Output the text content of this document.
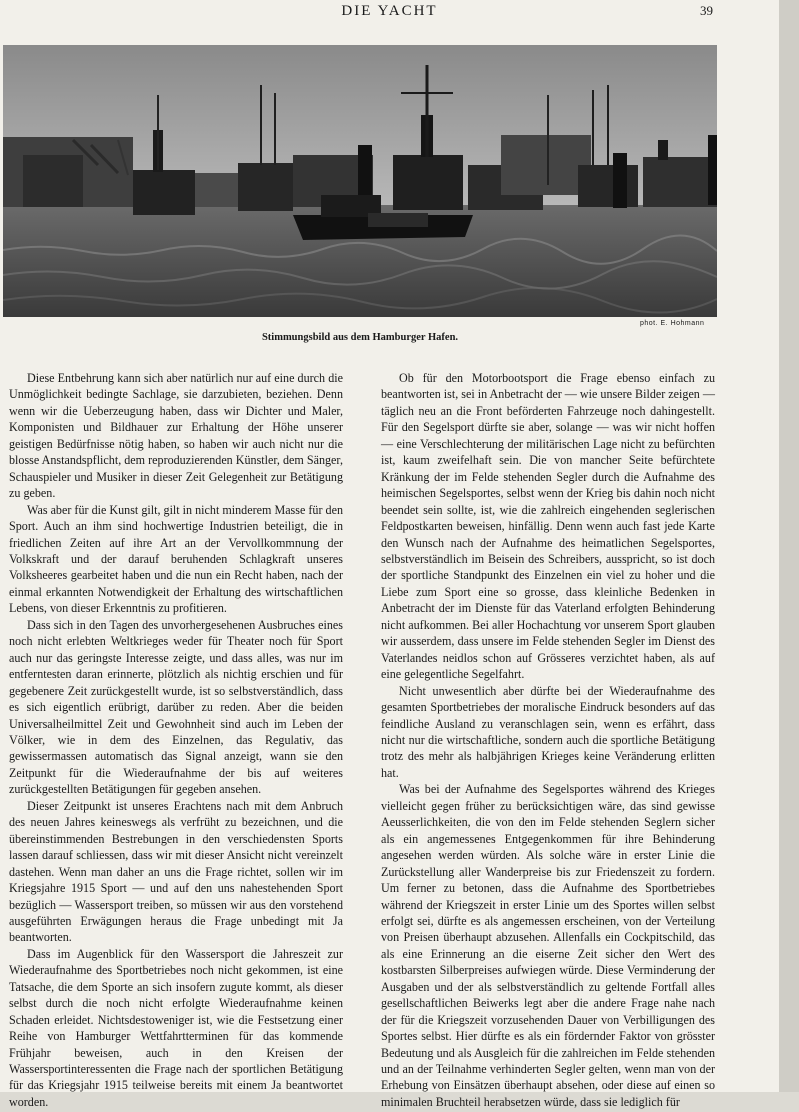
DIE YACHT	39
phot. E. Hohmann
Stimmungsbild aus dem Hamburger Hafen.

Diese Entbehrung kann sich aber natürlich nur auf eine durch die Unmöglichkeit bedingte Sachlage, sie darzubieten, beziehen. Denn wenn wir die Ueberzeugung haben, dass wir Dichter und Maler, Komponisten und Bildhauer zur Erhaltung der Höhe unserer geistigen Bedürfnisse nötig haben, so haben wir auch nicht nur die blosse Anstandspflicht, dem reproduzierenden Künstler, dem Sänger, Schauspieler und Musiker in dieser Zeit Gelegenheit zur Betätigung zu geben.

Was aber für die Kunst gilt, gilt in nicht minderem Masse für den Sport. Auch an ihm sind hochwertige Industrien beteiligt, die in friedlichen Zeiten auf ihre Art an der Vervollkommnung der Volkskraft und der darauf beruhenden Schlagkraft unseres Volksheeres gearbeitet haben und die nun ein Recht haben, nach der einmal erkannten Notwendigkeit der Erhaltung des wirtschaftlichen Lebens, von dieser Erkenntnis zu profitieren.

Dass sich in den Tagen des unvorhergesehenen Ausbruches eines noch nicht erlebten Weltkrieges weder für Theater noch für Sport auch nur das geringste Interesse zeigte, und dass alles, was nur im entferntesten daran erinnerte, plötzlich als nichtig erschien und für gegebenere Zeit zurückgestellt wurde, ist so selbstverständlich, dass es sich eigentlich erübrigt, darüber zu reden. Aber die beiden Universalheilmittel Zeit und Gewohnheit sind auch im Leben der Völker, wie in dem des Einzelnen, das Regulativ, das gewissermassen automatisch das Signal anzeigt, wann sie den Zeitpunkt für die Wiederaufnahme der bis auf weiteres zurückgestellten Betätigungen für gegeben ansehen.

Dieser Zeitpunkt ist unseres Erachtens nach mit dem Anbruch des neuen Jahres keineswegs als verfrüht zu bezeichnen, und die übereinstimmenden Bestrebungen in den verschiedensten Sports lassen darauf schliessen, dass wir mit dieser Ansicht nicht vereinzelt dastehen. Wenn man daher an uns die Frage richtet, sollen wir im Kriegsjahre 1915 Sport — und auf den uns nahestehenden Sport bezüglich — Wassersport treiben, so müssen wir aus den vorstehend ausgeführten Erwägungen heraus die Frage unbedingt mit Ja beantworten.

Dass im Augenblick für den Wassersport die Jahreszeit zur Wiederaufnahme des Sportbetriebes noch nicht gekommen, ist eine Tatsache, die dem Sporte an sich insofern zugute kommt, als dieser selbst durch die noch nicht erfolgte Wiederaufnahme keinen Schaden erleidet. Nichtsdestoweniger ist, wie die Festsetzung einer Reihe von Hamburger Wettfahrtterminen für das kommende Frühjahr beweisen, auch in den Kreisen der Wassersportinteressenten die Frage nach der sportlichen Betätigung für das Kriegsjahr 1915 teilweise bereits mit einem Ja beantwortet worden.

Ob für den Motorbootsport die Frage ebenso einfach zu beantworten ist, sei in Anbetracht der — wie unsere Bilder zeigen — täglich neu an die Front beförderten Fahrzeuge noch dahingestellt. Für den Segelsport dürfte sie aber, solange — was wir nicht hoffen — eine Verschlechterung der militärischen Lage nicht zu befürchten ist, kaum zweifelhaft sein. Die von mancher Seite befürchtete Kränkung der im Felde stehenden Segler durch die Aufnahme des heimischen Segelsportes, selbst wenn der Krieg bis dahin noch nicht beendet sein sollte, ist, wie die zahlreich eingehenden seglerischen Feldpostkarten beweisen, hinfällig. Denn wenn auch fast jede Karte den Wunsch nach der Aufnahme des heimatlichen Segelsportes, selbstverständlich im Beisein des Schreibers, ausspricht, so ist doch der sportliche Standpunkt des Einzelnen ein viel zu hoher und die Liebe zum Sport eine so grosse, dass kleinliche Bedenken in Anbetracht der im Dienste für das Vaterland erfolgten Behinderung nicht aufkommen. Bei aller Hochachtung vor unserem Sport glauben wir ausserdem, dass unsere im Felde stehenden Segler im Dienst des Vaterlandes neidlos schon auf Grösseres verzichtet haben, als auf eine gelegentliche Segelfahrt.

Nicht unwesentlich aber dürfte bei der Wiederaufnahme des gesamten Sportbetriebes der moralische Eindruck besonders auf das feindliche Ausland zu veranschlagen sein, wenn es erfährt, dass nicht nur die wirtschaftliche, sondern auch die sportliche Betätigung trotz des mehr als halbjährigen Krieges keine Veränderung erlitten hat.

Was bei der Aufnahme des Segelsportes während des Krieges vielleicht gegen früher zu berücksichtigen wäre, das sind gewisse Aeusserlichkeiten, die von den im Felde stehenden Seglern sicher als ein angemessenes Entgegenkommen für ihre Behinderung angesehen werden würden. Als solche wäre in erster Linie die Zurückstellung aller Wanderpreise bis zur Friedenszeit zu fordern. Um ferner zu betonen, dass die Aufnahme des Sportbetriebes während der Kriegszeit in erster Linie um des Sportes willen selbst erfolgt sei, dürfte es als angemessen erscheinen, von der Verteilung von Preisen überhaupt abzusehen. Allenfalls ein Cockpitschild, das als eine Erinnerung an die eiserne Zeit sicher den Wert des kostbarsten Silberpreises aufwiegen würde. Diese Verminderung der Ausgaben und der als selbstverständlich zu geltende Fortfall alles gesellschaftlichen Beiwerks legt aber die andere Frage nahe nach der für die Kriegszeit vorzusehenden Dauer von Verbilligungen des Sportes selbst. Hier dürfte es als ein fördernder Faktor von grösster Bedeutung und als Ausgleich für die zahlreichen im Felde stehenden und an der Teilnahme verhinderten Segler gelten, wenn man von der Erhebung von Einsätzen überhaupt absehen, oder diese auf einen so minimalen Bruchteil herabsetzen würde, dass sie lediglich für
